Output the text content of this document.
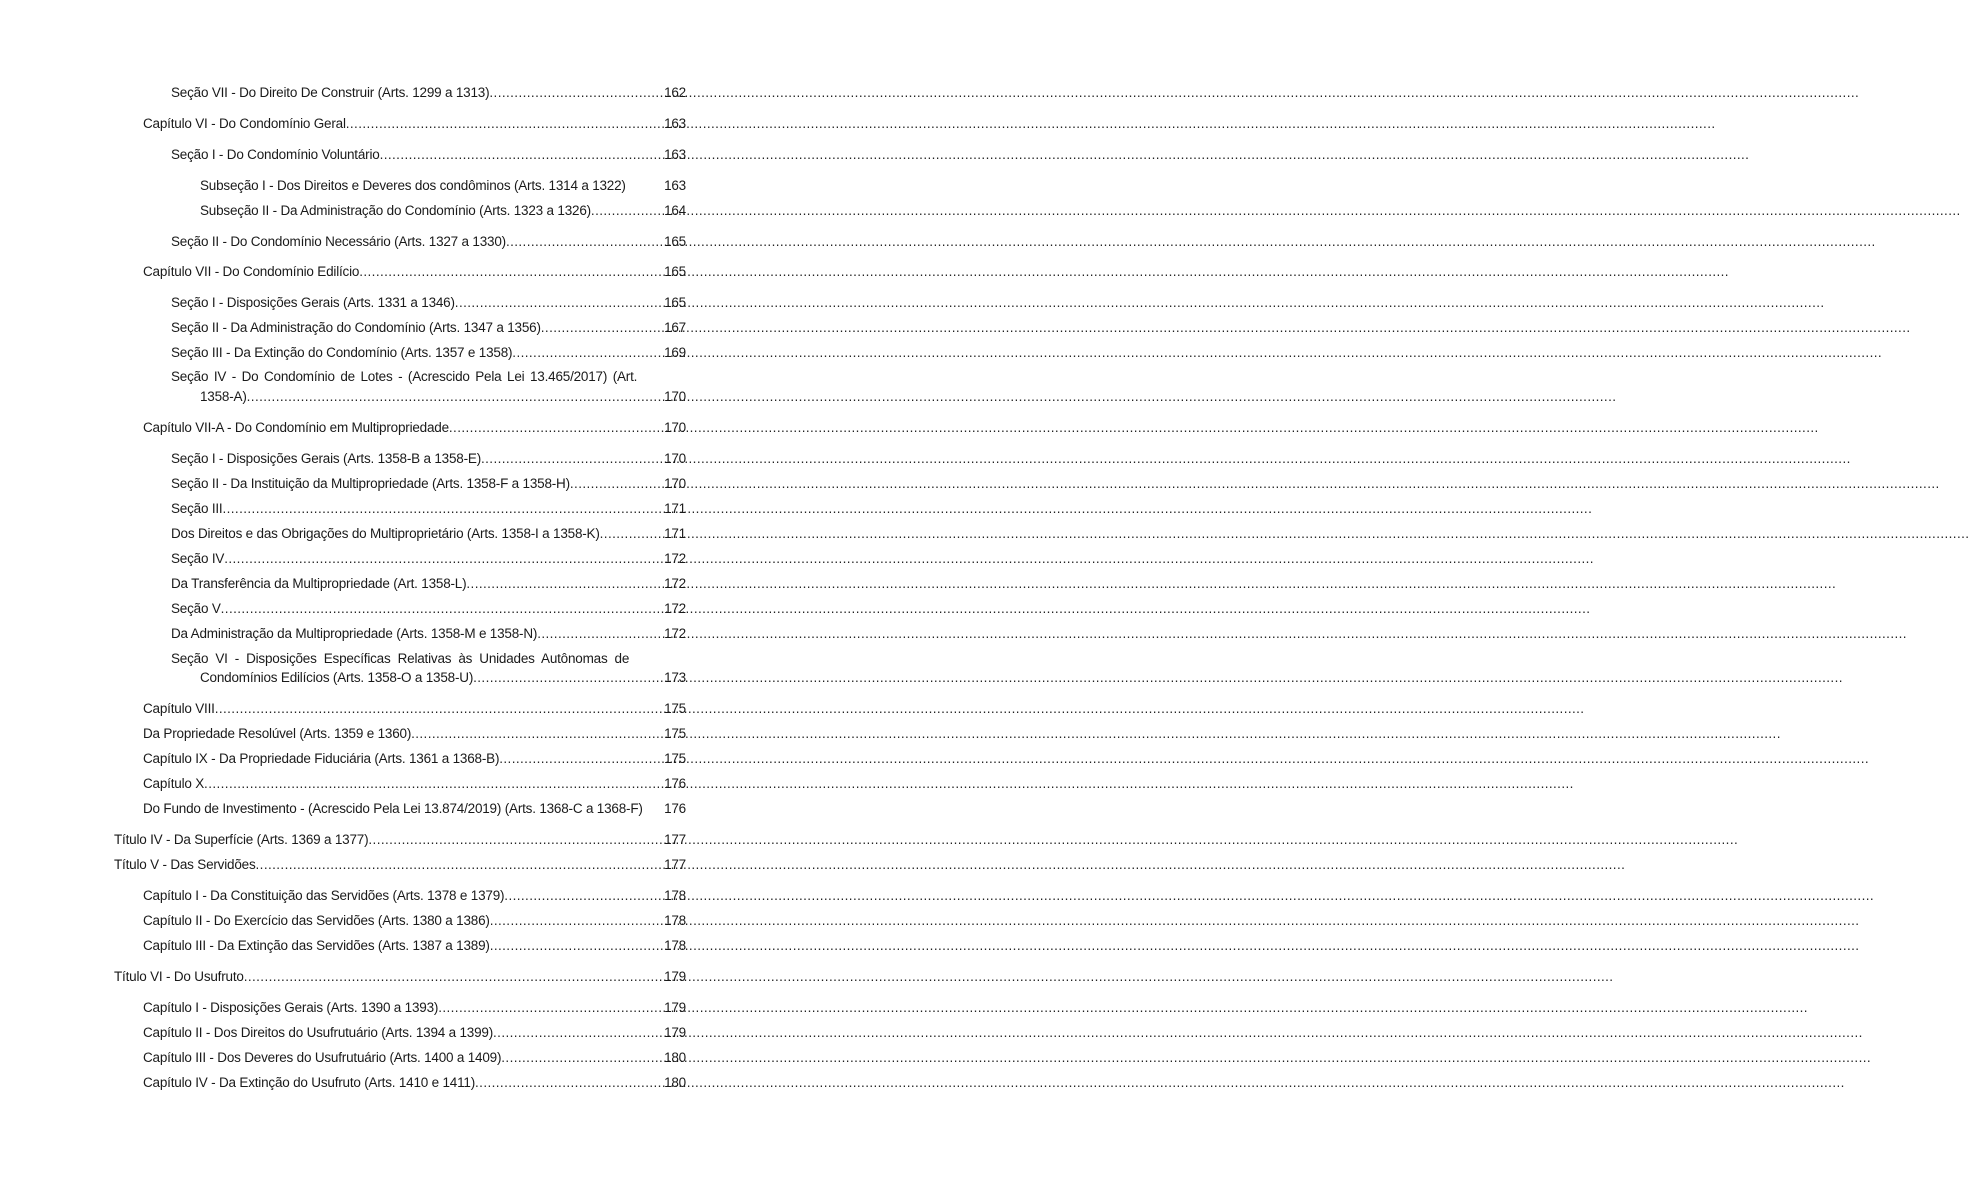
Seção VII - Do Direito De Construir (Arts. 1299 a 1313) .....	162
Capítulo VI - Do Condomínio Geral .....	163
Seção I - Do Condomínio Voluntário .....	163
Subseção I - Dos Direitos e Deveres dos condôminos (Arts. 1314 a 1322)	163
Subseção II - Da Administração do Condomínio (Arts. 1323 a 1326) .....	164
Seção II - Do Condomínio Necessário (Arts. 1327 a 1330) .....	165
Capítulo VII - Do Condomínio Edilício .....	165
Seção I - Disposições Gerais (Arts. 1331 a 1346) .....	165
Seção II - Da Administração do Condomínio (Arts. 1347 a 1356) .....	167
Seção III - Da Extinção do Condomínio (Arts. 1357 e 1358) .....	169
Seção IV - Do Condomínio de Lotes - (Acrescido Pela Lei 13.465/2017) (Art.
1358-A) .....	170
Capítulo VII-A - Do Condomínio em Multipropriedade .....	170
Seção I - Disposições Gerais (Arts. 1358-B a 1358-E) .....	170
Seção II - Da Instituição da Multipropriedade (Arts. 1358-F a 1358-H) .....	170
Seção III .....	171
Dos Direitos e das Obrigações do Multiproprietário (Arts. 1358-I a 1358-K) .....	171
Seção IV .....	172
Da Transferência da Multipropriedade (Art. 1358-L) .....	172
Seção V .....	172
Da Administração da Multipropriedade (Arts. 1358-M e 1358-N) .....	172
Seção VI - Disposições Específicas Relativas às Unidades Autônomas de
Condomínios Edilícios (Arts. 1358-O a 1358-U) .....	173
Capítulo VIII .....	175
Da Propriedade Resolúvel (Arts. 1359 e 1360) .....	175
Capítulo IX - Da Propriedade Fiduciária (Arts. 1361 a 1368-B) .....	175
Capítulo X .....	176
Do Fundo de Investimento - (Acrescido Pela Lei 13.874/2019) (Arts. 1368-C a 1368-F)	176
Título IV - Da Superfície (Arts. 1369 a 1377) .....	177
Título V - Das Servidões .....	177
Capítulo I - Da Constituição das Servidões (Arts. 1378 e 1379) .....	178
Capítulo II - Do Exercício das Servidões (Arts. 1380 a 1386) .....	178
Capítulo III - Da Extinção das Servidões (Arts. 1387 a 1389) .....	178
Título VI - Do Usufruto .....	179
Capítulo I - Disposições Gerais (Arts. 1390 a 1393) .....	179
Capítulo II - Dos Direitos do Usufrutuário (Arts. 1394 a 1399) .....	179
Capítulo III - Dos Deveres do Usufrutuário (Arts. 1400 a 1409) .....	180
Capítulo IV - Da Extinção do Usufruto (Arts. 1410 e 1411) .....	180
